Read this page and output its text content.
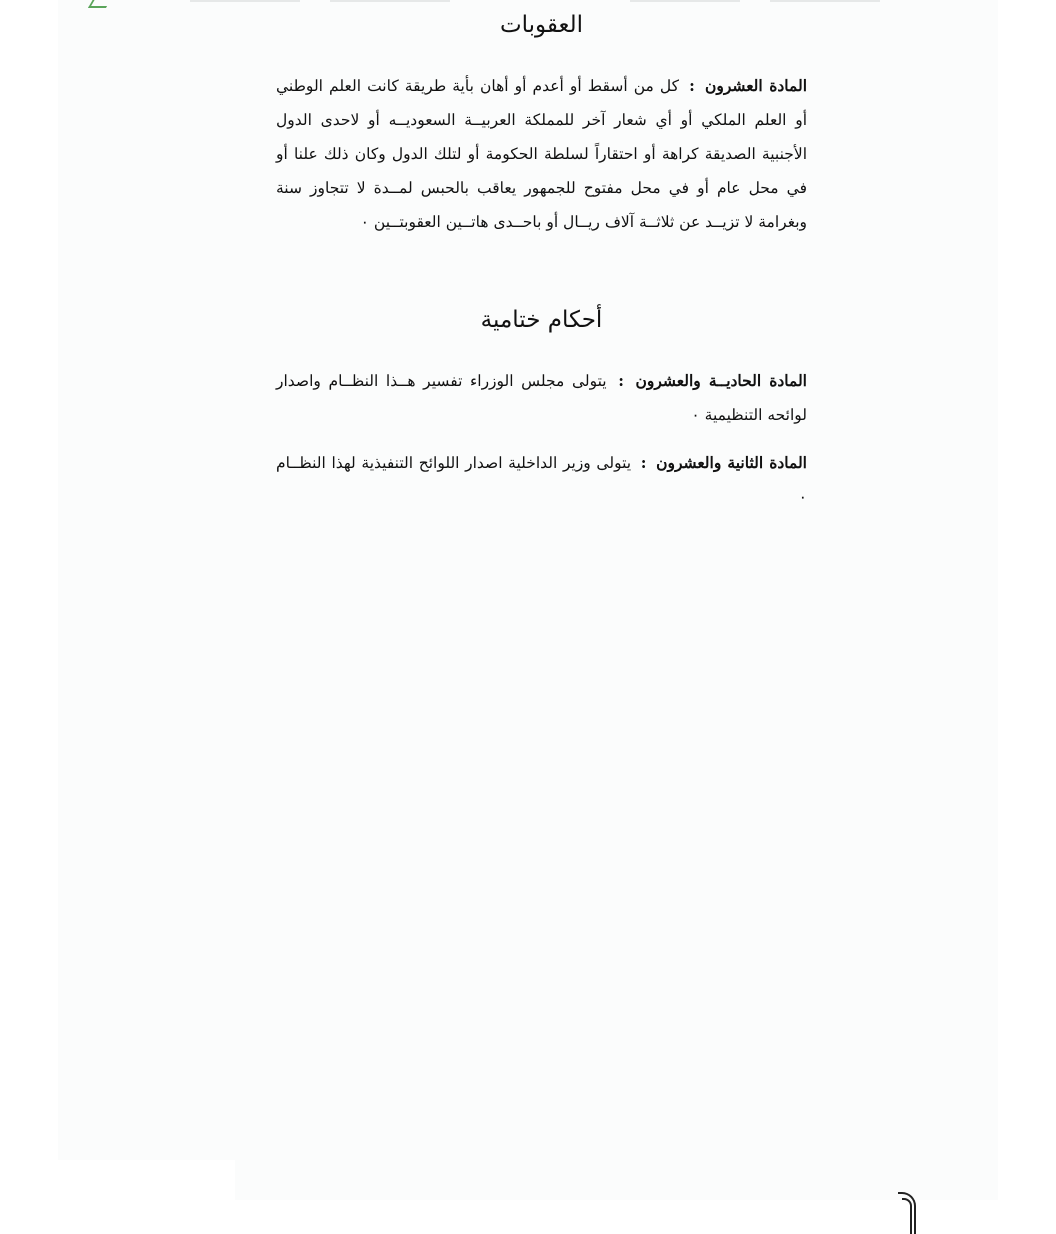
العقوبات

المادة العشرون : كل من أسقط أو أعدم أو أهان بأية طريقة كانت العلم الوطني أو العلم الملكي أو أي شعار آخر للمملكة العربيــة السعوديــه أو لاحدى الدول الأجنبية الصديقة كراهة أو احتقاراً لسلطة الحكومة أو لتلك الدول وكان ذلك علنا أو في محل عام أو في محل مفتوح للجمهور يعاقب بالحبس لمــدة لا تتجاوز سنة وبغرامة لا تزيــد عن ثلاثــة آلاف ريــال أو باحــدى هاتــين العقوبتــين ٠

أحكام ختامية

المادة الحاديــة والعشرون : يتولى مجلس الوزراء تفسير هــذا النظــام واصدار لوائحه التنظيمية ٠

المادة الثانية والعشرون : يتولى وزير الداخلية اصدار اللوائح التنفيذية لهذا النظــام ٠
